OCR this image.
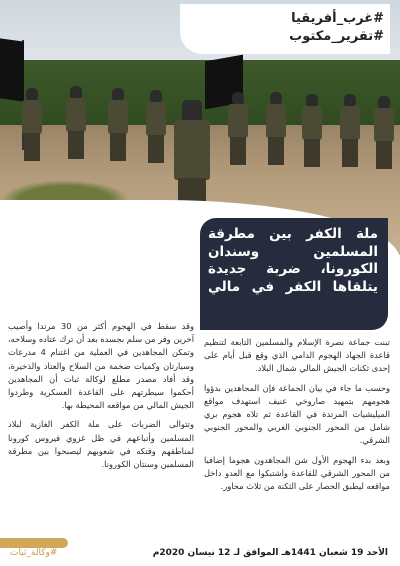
#غرب_أفريقيا
#تقرير_مكتوب
ملة الكفر بين مطرقة المسلمين وسندان الكورونا، ضربة جديدة يتلقاها الكفر في مالي

وقد سقط في الهجوم أكثر من 30 مرتدا وأصيب آخرين وفر من سلم بجسده بعد أن ترك عتاده وسلاحه، وتمكن المجاهدين في العملية من اغتنام 4 مدرعات وسيارتان وكميات ضخمة من السلاح والعتاد والذخيرة، وقد أفاد مصدر مطلع لوكالة ثبات أن المجاهدين أحكموا سيطرتهم على القاعدة العسكرية وطردوا الجيش المالي من مواقعه المحيطة بها.

وتتوالى الضربات على ملة الكفر الغازية لبلاد المسلمين وأتباعهم في ظل غزوي فيروس كورونا لمناطقهم وفتكه في شعوبهم ليصبحوا بين مطرقة المسلمين وسنتان الكورونا.

تبنت جماعة نصرة الإسلام والمسلمين التابعة لتنظيم قاعدة الجهاد الهجوم الدامي الذي وقع قبل أيام على إحدى ثكنات الجيش المالي شمال البلاد.

وحسب ما جاء في بيان الجماعة فإن المجاهدين بدؤوا هجومهم بتمهيد صاروخي عنيف استهدف مواقع الميليشيات المرتدة في القاعدة ثم تلاه هجوم بري شامل من المحور الجنوبي الغربي والمحور الجنوبي الشرقي.

وبعد بدء الهجوم الأول شن المجاهدون هجوما إضافيا من المحور الشرقي للقاعدة واشتبكوا مع العدو داخل مواقعه ليطبق الحصار على الثكنة من ثلاث محاور.

الأحد 19 شعبان 1441هـ الموافق لـ 12 نيسان 2020م
#وكالة_ثبات
